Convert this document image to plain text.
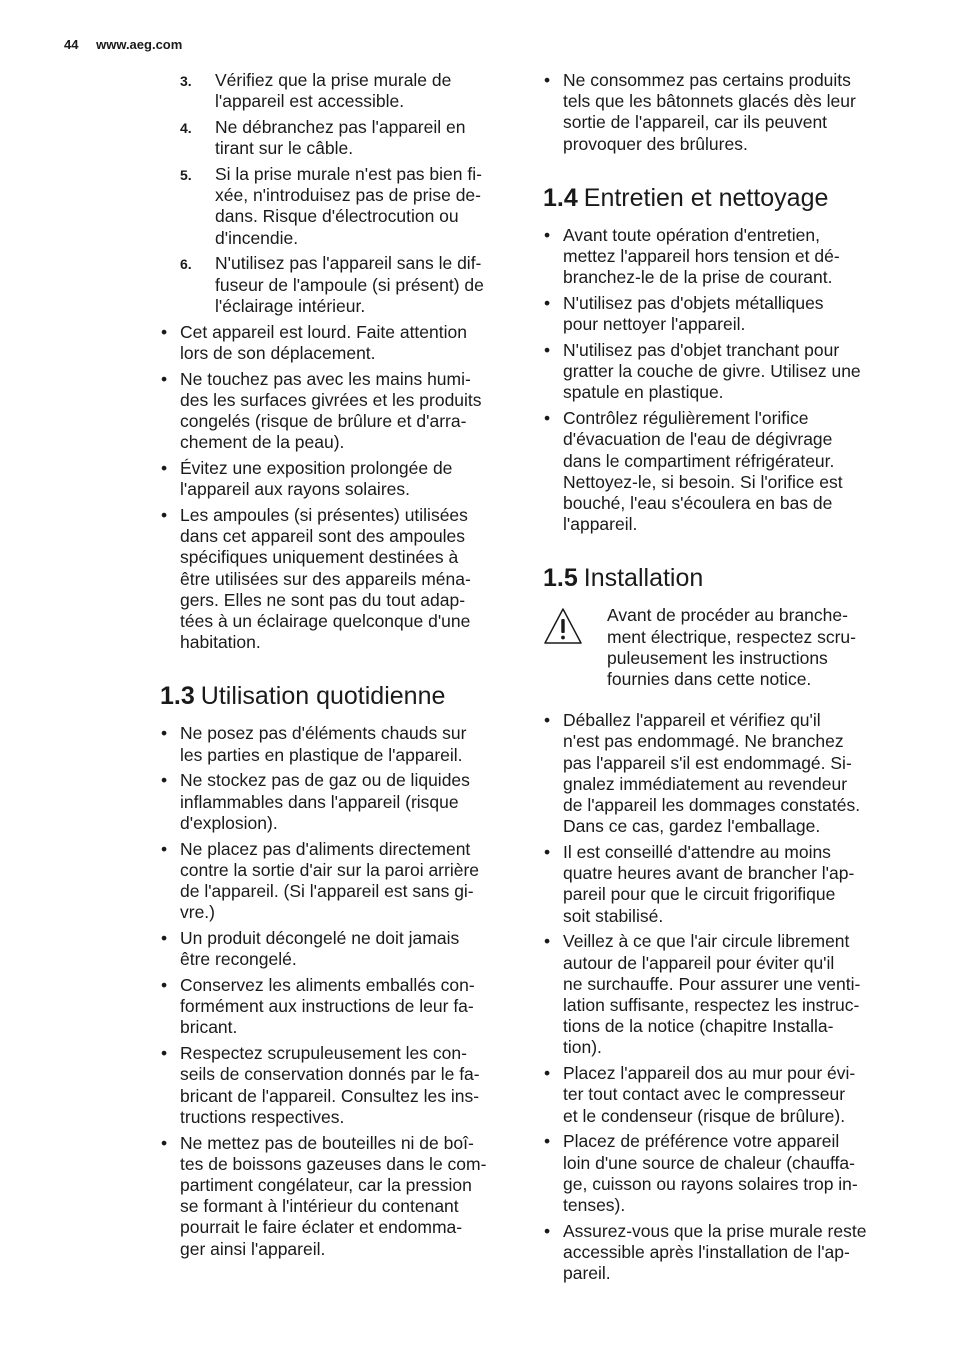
44 www.aeg.com
3. Vérifiez que la prise murale de
l'appareil est accessible.
4. Ne débranchez pas l'appareil en
tirant sur le câble.
5. Si la prise murale n'est pas bien fi-
xée, n'introduisez pas de prise de-
dans. Risque d'électrocution ou
d'incendie.
6. N'utilisez pas l'appareil sans le dif-
fuseur de l'ampoule (si présent) de
l'éclairage intérieur.
• Cet appareil est lourd. Faite attention
lors de son déplacement.
• Ne touchez pas avec les mains humi-
des les surfaces givrées et les produits
congelés (risque de brûlure et d'arra-
chement de la peau).
• Évitez une exposition prolongée de
l'appareil aux rayons solaires.
• Les ampoules (si présentes) utilisées
dans cet appareil sont des ampoules
spécifiques uniquement destinées à
être utilisées sur des appareils ména-
gers. Elles ne sont pas du tout adap-
tées à un éclairage quelconque d'une
habitation.
1.3 Utilisation quotidienne
• Ne posez pas d'éléments chauds sur
les parties en plastique de l'appareil.
• Ne stockez pas de gaz ou de liquides
inflammables dans l'appareil (risque
d'explosion).
• Ne placez pas d'aliments directement
contre la sortie d'air sur la paroi arrière
de l'appareil. (Si l'appareil est sans gi-
vre.)
• Un produit décongelé ne doit jamais
être recongelé.
• Conservez les aliments emballés con-
formément aux instructions de leur fa-
bricant.
• Respectez scrupuleusement les con-
seils de conservation donnés par le fa-
bricant de l'appareil. Consultez les ins-
tructions respectives.
• Ne mettez pas de bouteilles ni de boî-
tes de boissons gazeuses dans le com-
partiment congélateur, car la pression
se formant à l'intérieur du contenant
pourrait le faire éclater et endomma-
ger ainsi l'appareil.
• Ne consommez pas certains produits
tels que les bâtonnets glacés dès leur
sortie de l'appareil, car ils peuvent
provoquer des brûlures.
1.4 Entretien et nettoyage
• Avant toute opération d'entretien,
mettez l'appareil hors tension et dé-
branchez-le de la prise de courant.
• N'utilisez pas d'objets métalliques
pour nettoyer l'appareil.
• N'utilisez pas d'objet tranchant pour
gratter la couche de givre. Utilisez une
spatule en plastique.
• Contrôlez régulièrement l'orifice
d'évacuation de l'eau de dégivrage
dans le compartiment réfrigérateur.
Nettoyez-le, si besoin. Si l'orifice est
bouché, l'eau s'écoulera en bas de
l'appareil.
1.5 Installation
Avant de procéder au branche-
ment électrique, respectez scru-
puleusement les instructions
fournies dans cette notice.
• Déballez l'appareil et vérifiez qu'il
n'est pas endommagé. Ne branchez
pas l'appareil s'il est endommagé. Si-
gnalez immédiatement au revendeur
de l'appareil les dommages constatés.
Dans ce cas, gardez l'emballage.
• Il est conseillé d'attendre au moins
quatre heures avant de brancher l'ap-
pareil pour que le circuit frigorifique
soit stabilisé.
• Veillez à ce que l'air circule librement
autour de l'appareil pour éviter qu'il
ne surchauffe. Pour assurer une venti-
lation suffisante, respectez les instruc-
tions de la notice (chapitre Installa-
tion).
• Placez l'appareil dos au mur pour évi-
ter tout contact avec le compresseur
et le condenseur (risque de brûlure).
• Placez de préférence votre appareil
loin d'une source de chaleur (chauffa-
ge, cuisson ou rayons solaires trop in-
tenses).
• Assurez-vous que la prise murale reste
accessible après l'installation de l'ap-
pareil.
